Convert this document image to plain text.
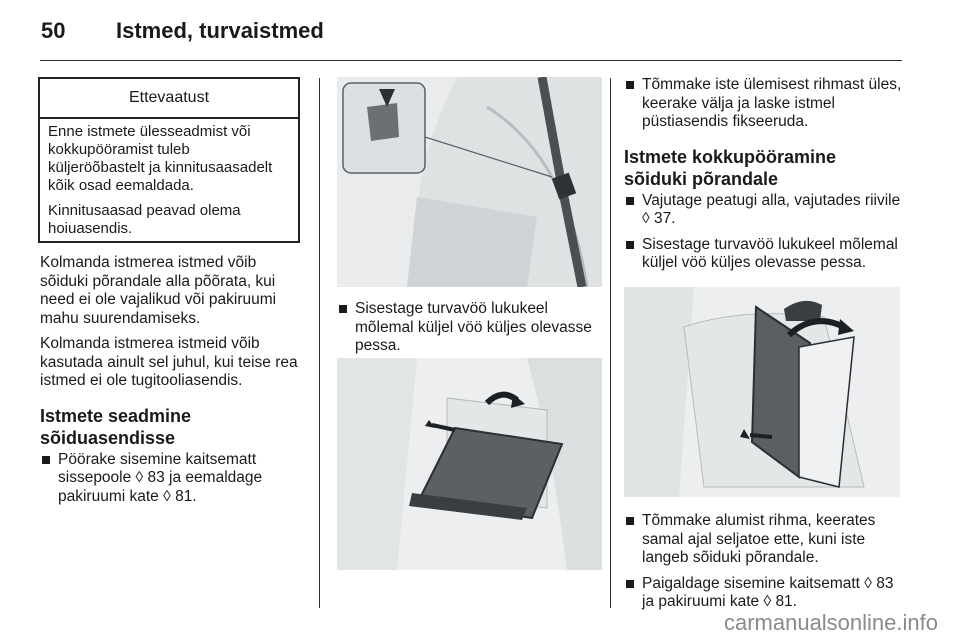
50 Istmed, turvaistmed
Ettevaatust

Enne istmete ülesseadmist või kokkupööramist tuleb küljeröõbastelt ja kinnitusaasadelt kõik osad eemaldada.

Kinnitusaasad peavad olema hoiuasendis.

Kolmanda istmerea istmed võib sõiduki põrandale alla põõrata, kui need ei ole vajalikud või pakiruumi mahu suurendamiseks.

Kolmanda istmerea istmeid võib kasutada ainult sel juhul, kui teise rea istmed ei ole tugitooliasendis.

Istmete seadmine sõiduasendisse

Pöörake sisemine kaitsematt sissepoole ◊ 83 ja eemaldage pakiruumi kate ◊ 81.
Sisestage turvavöö lukukeel mõlemal küljel vöö küljes olevasse pessa.
Tõmmake iste ülemisest rihmast üles, keerake välja ja laske istmel püstiasendis fikseeruda.

Istmete kokkupööramine sõiduki põrandale

Vajutage peatugi alla, vajutades riivile ◊ 37.
Sisestage turvavöö lukukeel mõlemal küljel vöö küljes olevasse pessa.
Tõmmake alumist rihma, keerates samal ajal seljatoe ette, kuni iste langeb sõiduki põrandale.
Paigaldage sisemine kaitsematt ◊ 83 ja pakiruumi kate ◊ 81.
carmanualsonline.info
